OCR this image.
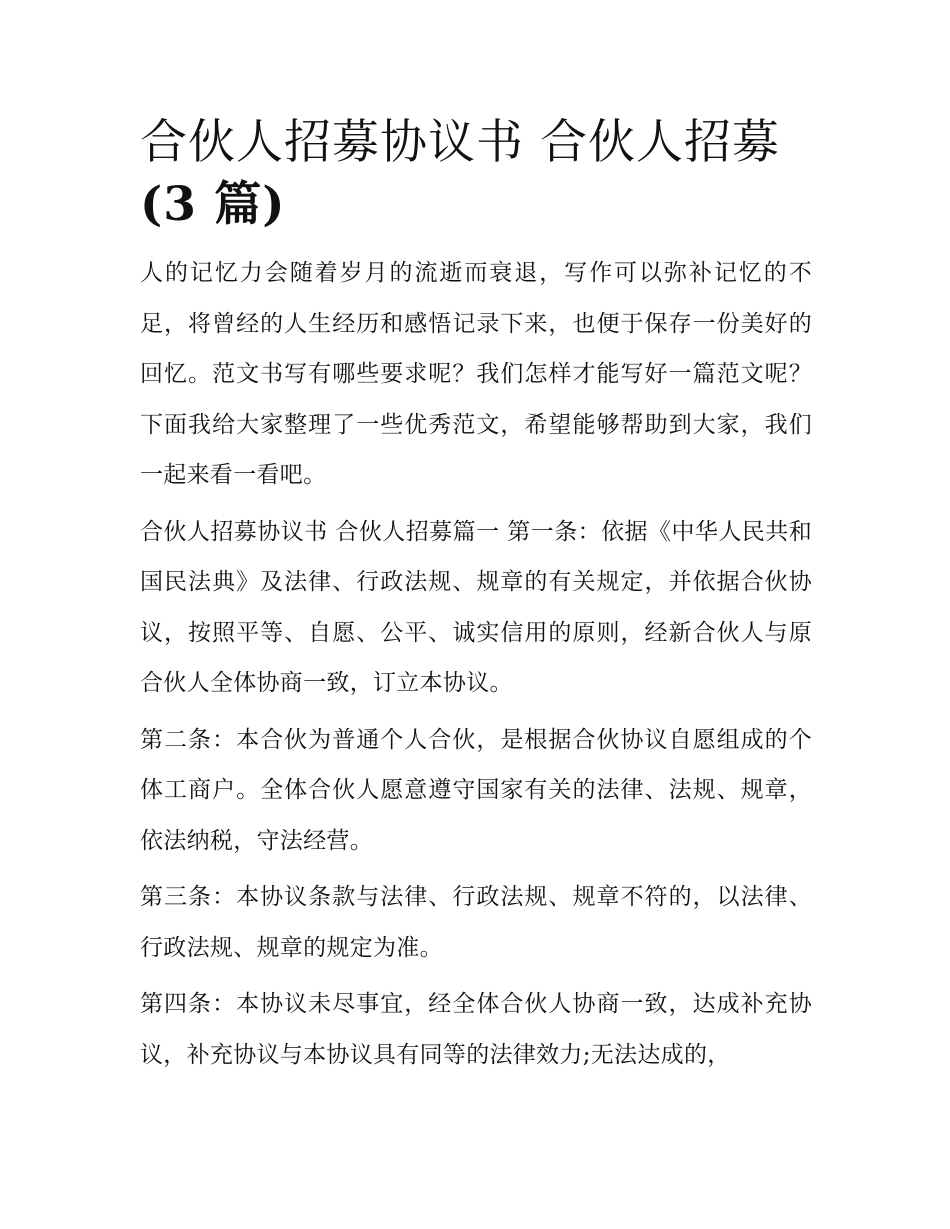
合伙人招募协议书 合伙人招募
(3 篇)

人的记忆力会随着岁月的流逝而衰退，写作可以弥补记忆的不足，将曾经的人生经历和感悟记录下来，也便于保存一份美好的回忆。范文书写有哪些要求呢？我们怎样才能写好一篇范文呢？下面我给大家整理了一些优秀范文，希望能够帮助到大家，我们一起来看一看吧。

合伙人招募协议书 合伙人招募篇一 第一条：依据《中华人民共和国民法典》及法律、行政法规、规章的有关规定，并依据合伙协议，按照平等、自愿、公平、诚实信用的原则，经新合伙人与原合伙人全体协商一致，订立本协议。

第二条：本合伙为普通个人合伙，是根据合伙协议自愿组成的个体工商户。全体合伙人愿意遵守国家有关的法律、法规、规章，依法纳税，守法经营。

第三条：本协议条款与法律、行政法规、规章不符的，以法律、行政法规、规章的规定为准。

第四条：本协议未尽事宜，经全体合伙人协商一致，达成补充协议，补充协议与本协议具有同等的法律效力;无法达成的，
